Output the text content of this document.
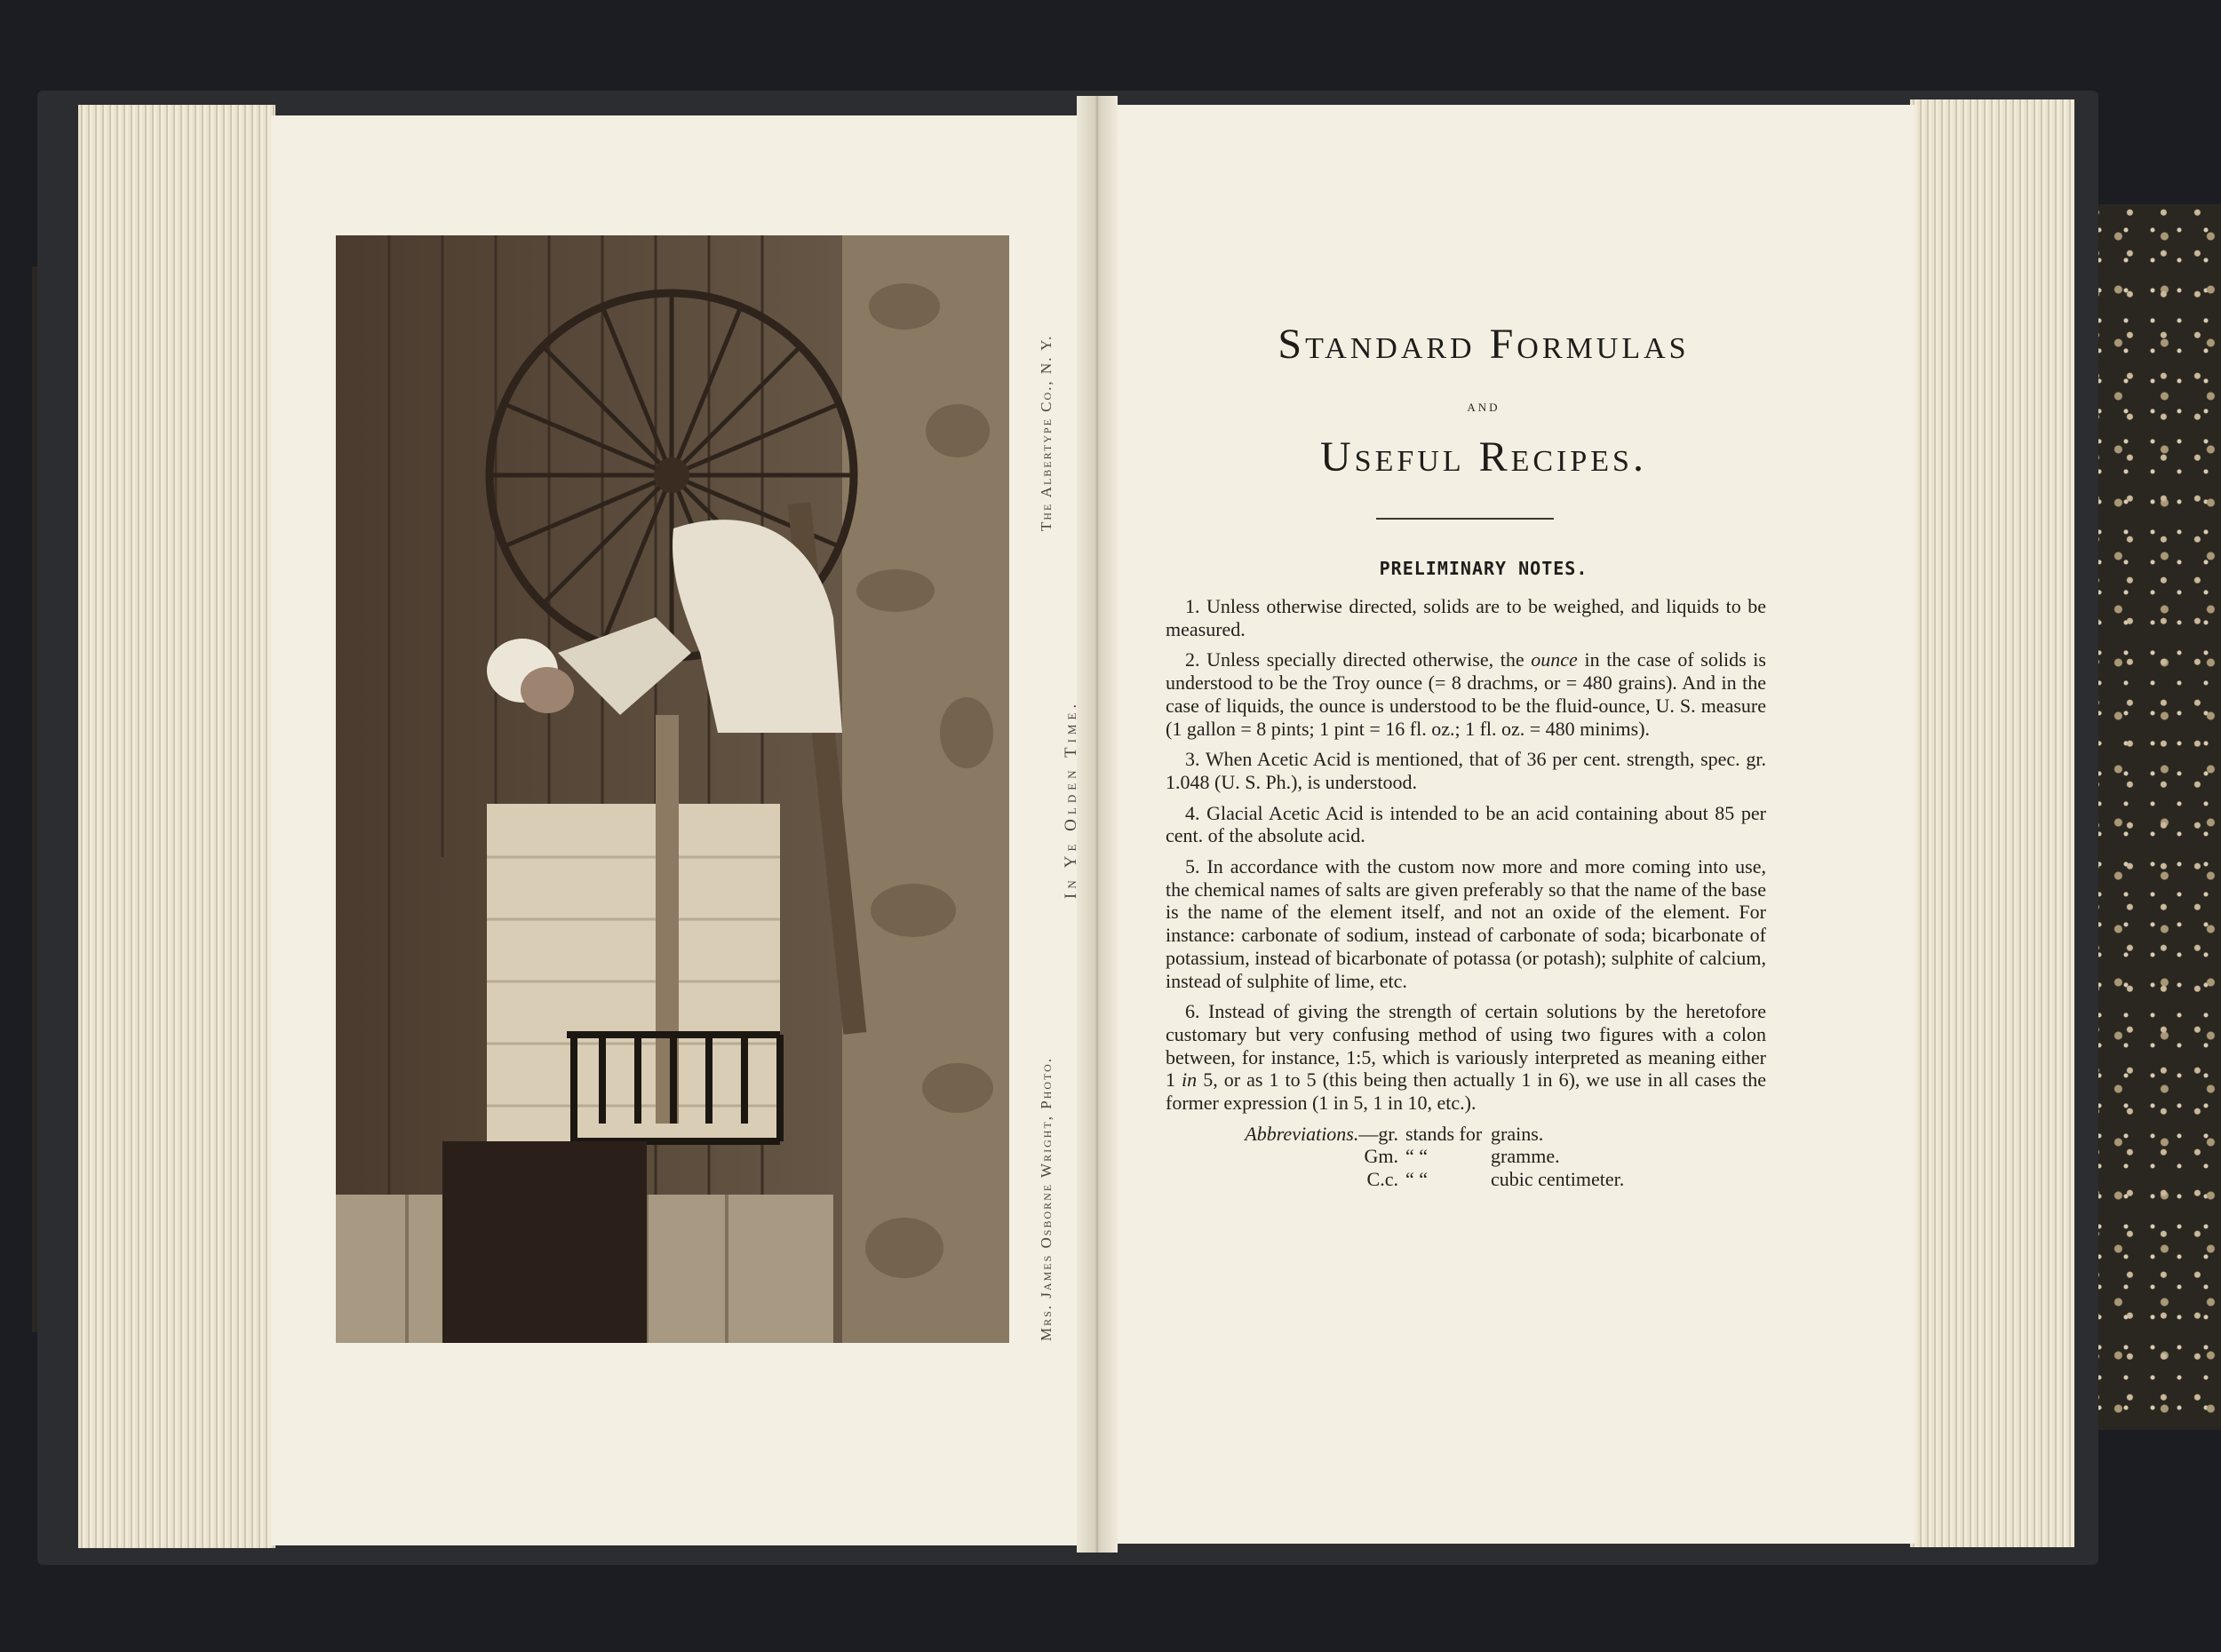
Mrs. James Osborne Wright, Photo.
In Ye Olden Time.
The Albertype Co., N. Y.	Standard Formulas
and
Useful Recipes.
PRELIMINARY NOTES.

1. Unless otherwise directed, solids are to be weighed, and liquids to be measured.

2. Unless specially directed otherwise, the ounce in the case of solids is understood to be the Troy ounce (= 8 drachms, or = 480 grains). And in the case of liquids, the ounce is understood to be the fluid-ounce, U. S. measure (1 gallon = 8 pints; 1 pint = 16 fl. oz.; 1 fl. oz. = 480 minims).

3. When Acetic Acid is mentioned, that of 36 per cent. strength, spec. gr. 1.048 (U. S. Ph.), is understood.

4. Glacial Acetic Acid is intended to be an acid containing about 85 per cent. of the absolute acid.

5. In accordance with the custom now more and more coming into use, the chemical names of salts are given preferably so that the name of the base is the name of the element itself, and not an oxide of the element. For instance: carbonate of sodium, instead of carbonate of soda; bicarbonate of potassium, instead of bicarbonate of potassa (or potash); sulphite of calcium, instead of sulphite of lime, etc.

6. Instead of giving the strength of certain solutions by the heretofore customary but very confusing method of using two figures with a colon between, for instance, 1:5, which is variously interpreted as meaning either 1 in 5, or as 1 to 5 (this being then actually 1 in 6), we use in all cases the former expression (1 in 5, 1 in 10, etc.).

Abbreviations.—gr. stands for grains.
Gm. “ “	gramme.
C.c. “ “	cubic centimeter.
